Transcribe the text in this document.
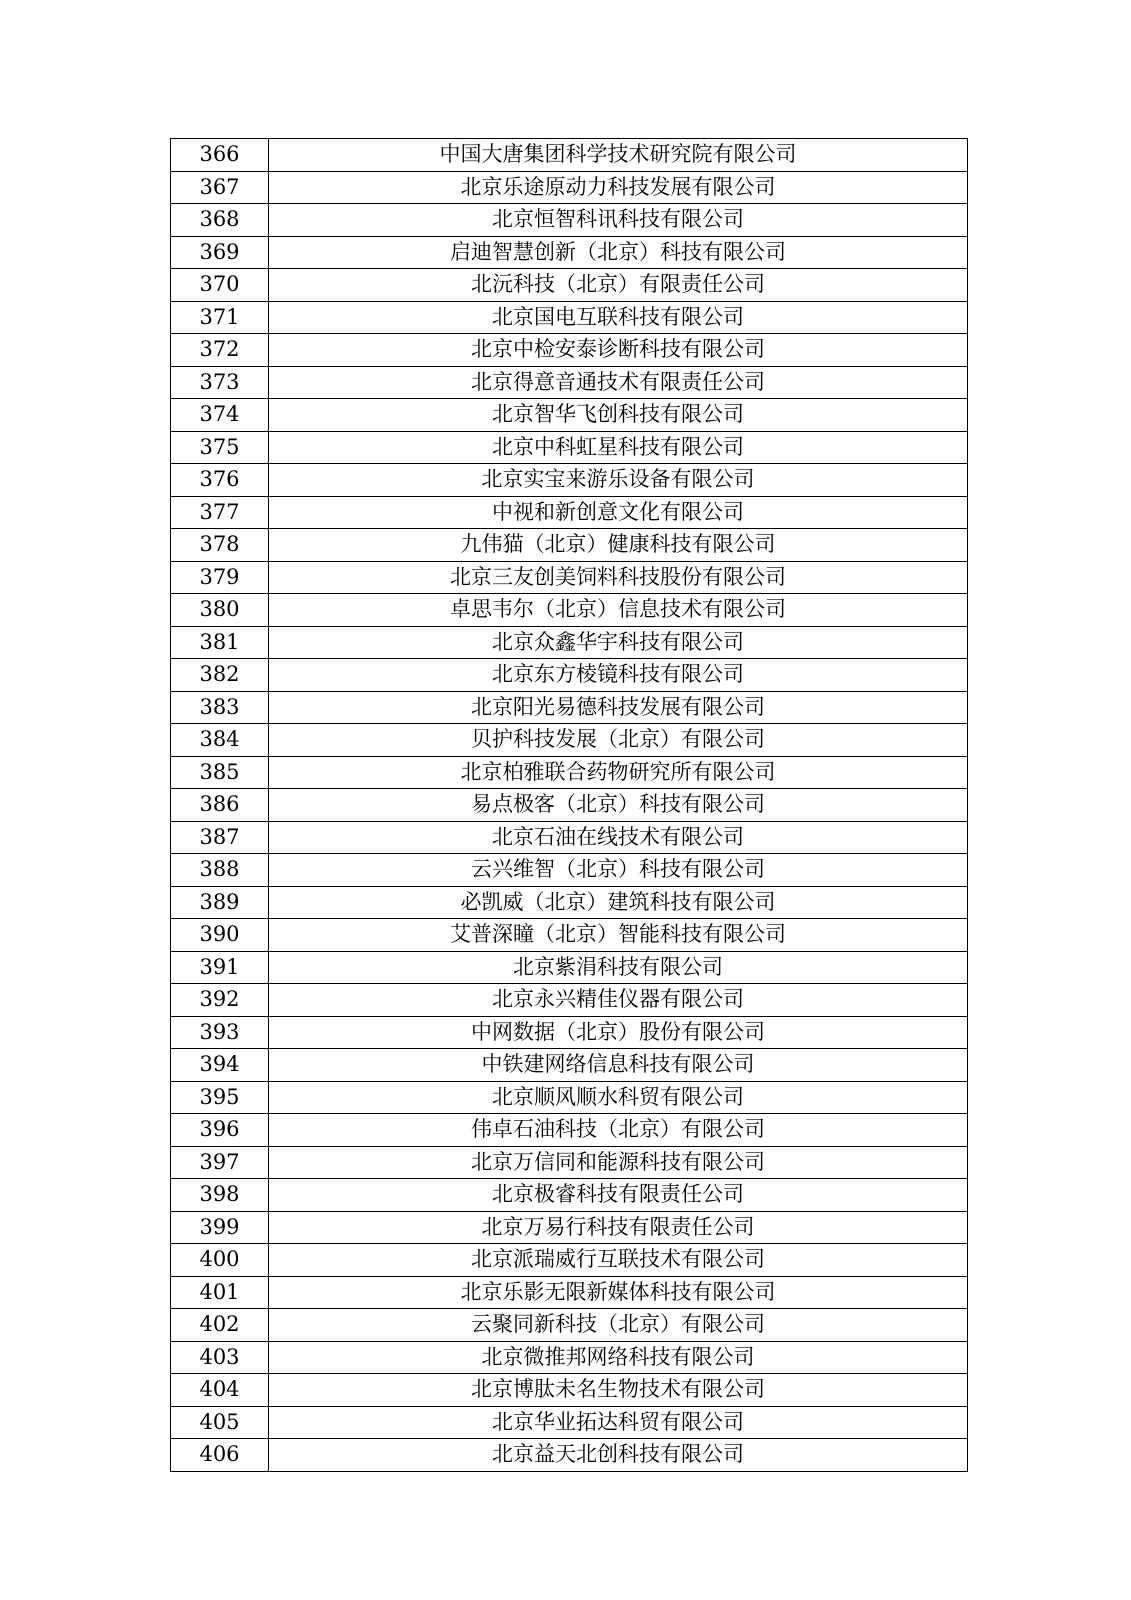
366	中国大唐集团科学技术研究院有限公司
367	北京乐途原动力科技发展有限公司
368	北京恒智科讯科技有限公司
369	启迪智慧创新（北京）科技有限公司
370	北沅科技（北京）有限责任公司
371	北京国电互联科技有限公司
372	北京中检安泰诊断科技有限公司
373	北京得意音通技术有限责任公司
374	北京智华飞创科技有限公司
375	北京中科虹星科技有限公司
376	北京实宝来游乐设备有限公司
377	中视和新创意文化有限公司
378	九伟猫（北京）健康科技有限公司
379	北京三友创美饲料科技股份有限公司
380	卓思韦尔（北京）信息技术有限公司
381	北京众鑫华宇科技有限公司
382	北京东方棱镜科技有限公司
383	北京阳光易德科技发展有限公司
384	贝护科技发展（北京）有限公司
385	北京柏雅联合药物研究所有限公司
386	易点极客（北京）科技有限公司
387	北京石油在线技术有限公司
388	云兴维智（北京）科技有限公司
389	必凯威（北京）建筑科技有限公司
390	艾普深瞳（北京）智能科技有限公司
391	北京紫涓科技有限公司
392	北京永兴精佳仪器有限公司
393	中网数据（北京）股份有限公司
394	中铁建网络信息科技有限公司
395	北京顺风顺水科贸有限公司
396	伟卓石油科技（北京）有限公司
397	北京万信同和能源科技有限公司
398	北京极睿科技有限责任公司
399	北京万易行科技有限责任公司
400	北京派瑞威行互联技术有限公司
401	北京乐影无限新媒体科技有限公司
402	云聚同新科技（北京）有限公司
403	北京微推邦网络科技有限公司
404	北京博肽未名生物技术有限公司
405	北京华业拓达科贸有限公司
406	北京益天北创科技有限公司
